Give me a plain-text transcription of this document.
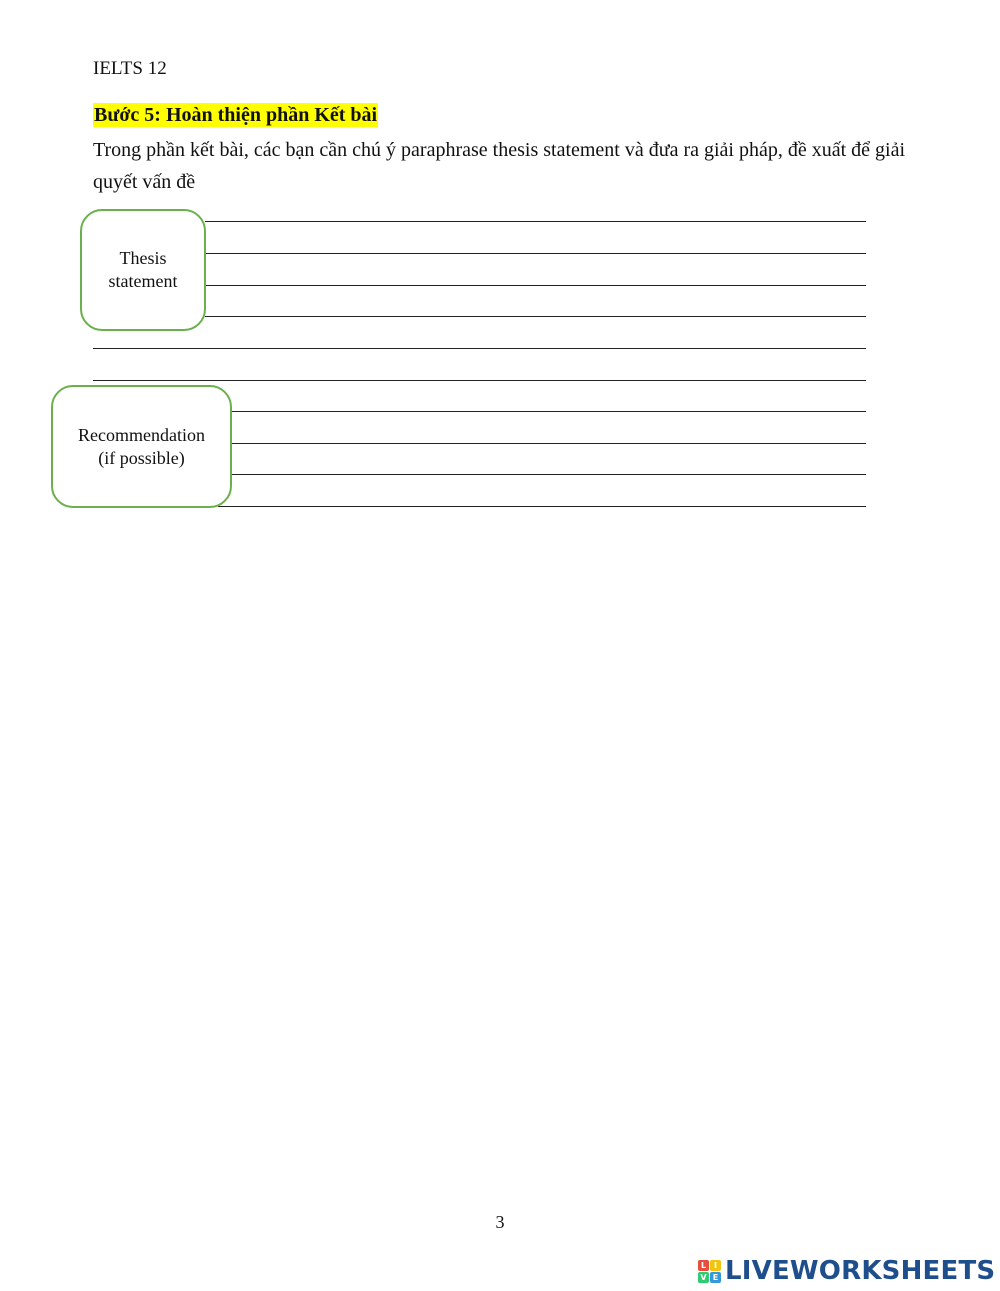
IELTS 12
Bước 5: Hoàn thiện phần Kết bài
Trong phần kết bài, các bạn cần chú ý paraphrase thesis statement và đưa ra giải pháp, đề xuất để giải quyết vấn đề
Thesis
statement
Recommendation
(if possible)
3
L I
V E LIVEWORKSHEETS
